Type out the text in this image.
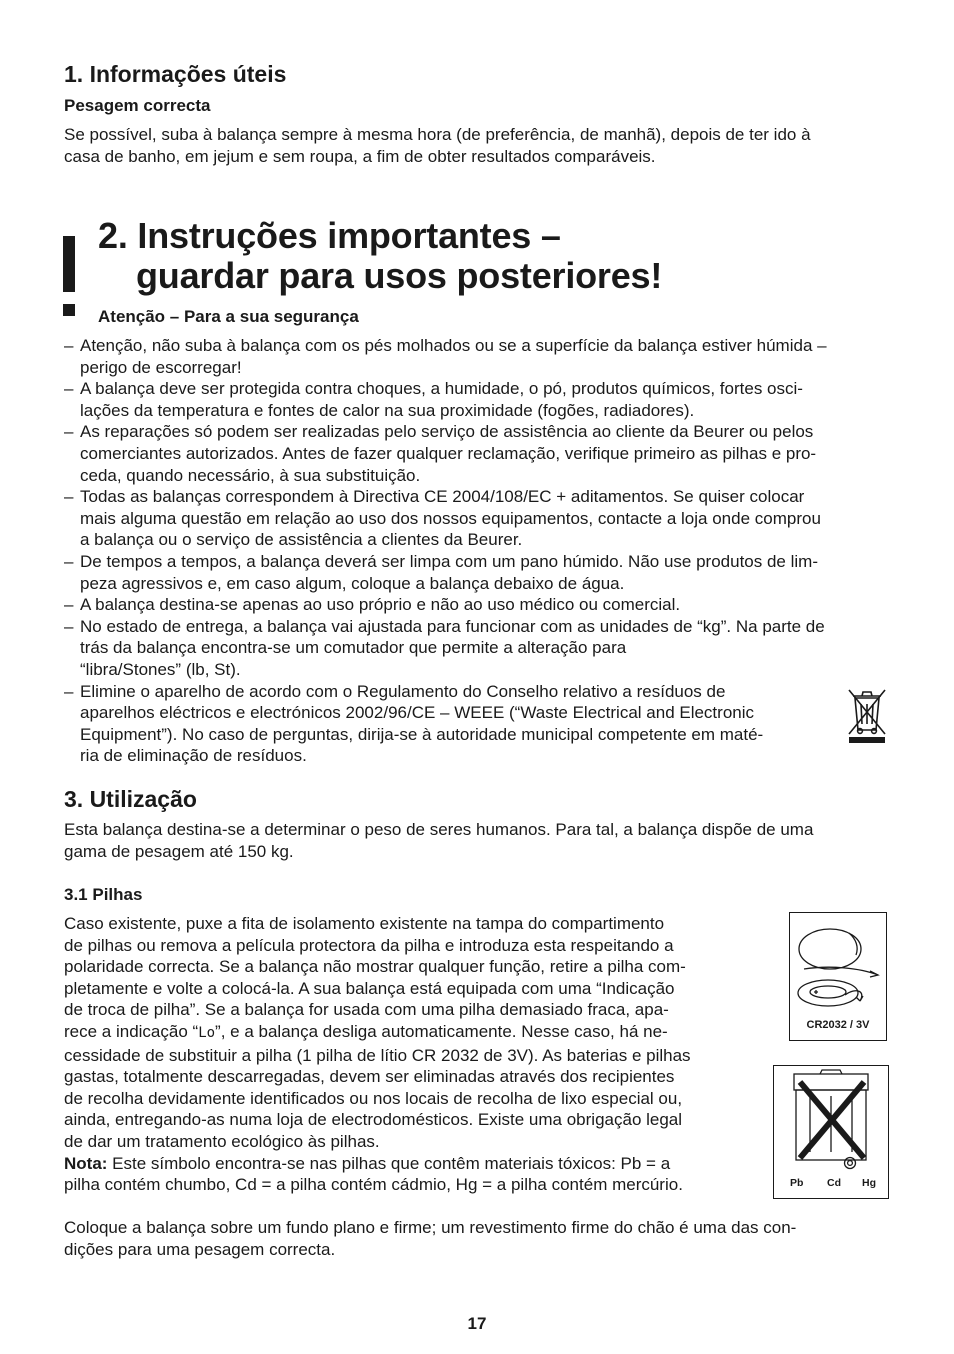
1. Informações úteis

Pesagem correcta

Se possível, suba à balança sempre à mesma hora (de preferência, de manhã), depois de ter ido à

casa de banho, em jejum e sem roupa, a fim de obter resultados comparáveis.

2. Instruções importantes –
guardar para usos posteriores!

Atenção – Para a sua segurança

– Atenção, não suba à balança com os pés molhados ou se a superfície da balança estiver húmida –
perigo de escorregar!
– A balança deve ser protegida contra choques, a humidade, o pó, produtos químicos, fortes osci-
lações da temperatura e fontes de calor na sua proximidade (fogões, radiadores).
– As reparações só podem ser realizadas pelo serviço de assistência ao cliente da Beurer ou pelos
comerciantes autorizados. Antes de fazer qualquer reclamação, verifique primeiro as pilhas e pro-
ceda, quando necessário, à sua substituição.
– Todas as balanças correspondem à Directiva CE 2004/108/EC + aditamentos. Se quiser colocar
mais alguma questão em relação ao uso dos nossos equipamentos, contacte a loja onde comprou
a balança ou o serviço de assistência a clientes da Beurer.
– De tempos a tempos, a balança deverá ser limpa com um pano húmido. Não use produtos de lim-
peza agressivos e, em caso algum, coloque a balança debaixo de água.
– A balança destina-se apenas ao uso próprio e não ao uso médico ou comercial.
– No estado de entrega, a balança vai ajustada para funcionar com as unidades de “kg”. Na parte de
trás da balança encontra-se um comutador que permite a alteração para
“libra/Stones” (lb, St).
– Elimine o aparelho de acordo com o Regulamento do Conselho relativo a resíduos de
aparelhos eléctricos e electrónicos 2002/96/CE – WEEE (“Waste Electrical and Electronic
Equipment”). No caso de perguntas, dirija-se à autoridade municipal competente em maté-
ria de eliminação de resíduos.
3. Utilização

Esta balança destina-se a determinar o peso de seres humanos. Para tal, a balança dispõe de uma

gama de pesagem até 150 kg.

3.1 Pilhas

Caso existente, puxe a fita de isolamento existente na tampa do compartimento

de pilhas ou remova a película protectora da pilha e introduza esta respeitando a

polaridade correcta. Se a balança não mostrar qualquer função, retire a pilha com-

pletamente e volte a colocá-la. A sua balança está equipada com uma “Indicação

de troca de pilha”. Se a balança for usada com uma pilha demasiado fraca, apa-

rece a indicação “Lo”, e a balança desliga automaticamente. Nesse caso, há ne-

cessidade de substituir a pilha (1 pilha de lítio CR 2032 de 3V). As baterias e pilhas

gastas, totalmente descarregadas, devem ser eliminadas através dos recipientes

de recolha devidamente identificados ou nos locais de recolha de lixo especial ou,

ainda, entregando-as numa loja de electrodomésticos. Existe uma obrigação legal

de dar um tratamento ecológico às pilhas.

Nota: Este símbolo encontra-se nas pilhas que contêm materiais tóxicos: Pb = a

pilha contém chumbo, Cd = a pilha contém cádmio, Hg = a pilha contém mercúrio.

CR2032 / 3V
Pb Cd Hg

Coloque a balança sobre um fundo plano e firme; um revestimento firme do chão é uma das con-

dições para uma pesagem correcta.

17
